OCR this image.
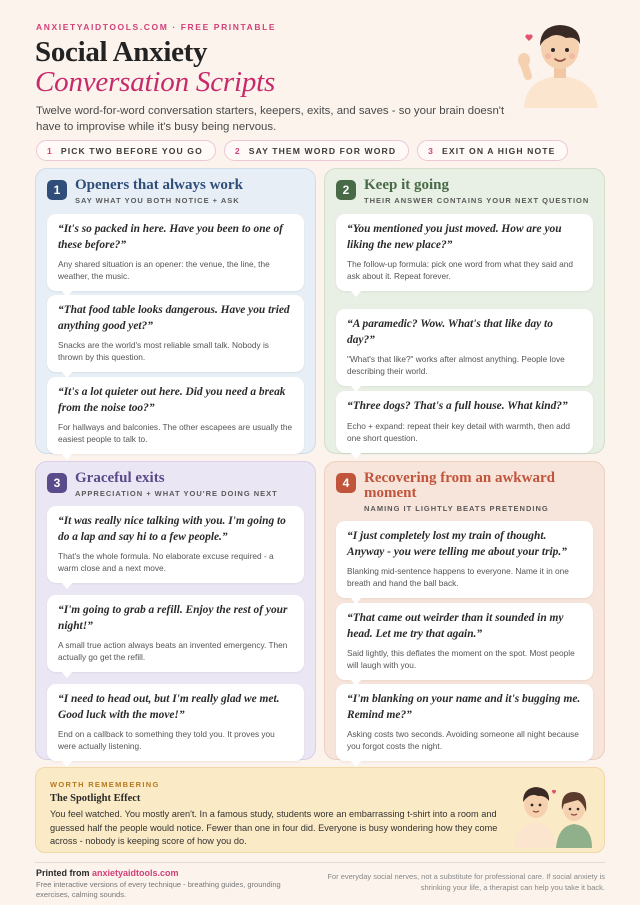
ANXIETYAIDTOOLS.COM · FREE PRINTABLE
Social Anxiety
Conversation Scripts
Twelve word-for-word conversation starters, keepers, exits, and saves - so your brain doesn't have to improvise while it's busy being nervous.
1 PICK TWO BEFORE YOU GO	2 SAY THEM WORD FOR WORD	3 EXIT ON A HIGH NOTE
1 Openers that always work
SAY WHAT YOU BOTH NOTICE + ASK
“It's so packed in here. Have you been to one of these before?”
Any shared situation is an opener: the venue, the line, the weather, the music.
“That food table looks dangerous. Have you tried anything good yet?”
Snacks are the world's most reliable small talk. Nobody is thrown by this question.
“It's a lot quieter out here. Did you need a break from the noise too?”
For hallways and balconies. The other escapees are usually the easiest people to talk to.
2 Keep it going
THEIR ANSWER CONTAINS YOUR NEXT QUESTION
“You mentioned you just moved. How are you liking the new place?”
The follow-up formula: pick one word from what they said and ask about it. Repeat forever.
“A paramedic? Wow. What's that like day to day?”
"What's that like?" works after almost anything. People love describing their world.
“Three dogs? That's a full house. What kind?”
Echo + expand: repeat their key detail with warmth, then add one short question.
3 Graceful exits
APPRECIATION + WHAT YOU'RE DOING NEXT
“It was really nice talking with you. I'm going to do a lap and say hi to a few people.”
That's the whole formula. No elaborate excuse required - a warm close and a next move.
“I'm going to grab a refill. Enjoy the rest of your night!”
A small true action always beats an invented emergency. Then actually go get the refill.
“I need to head out, but I'm really glad we met. Good luck with the move!”
End on a callback to something they told you. It proves you were actually listening.
4 Recovering from an awkward moment
NAMING IT LIGHTLY BEATS PRETENDING
“I just completely lost my train of thought. Anyway - you were telling me about your trip.”
Blanking mid-sentence happens to everyone. Name it in one breath and hand the ball back.
“That came out weirder than it sounded in my head. Let me try that again.”
Said lightly, this deflates the moment on the spot. Most people will laugh with you.
“I'm blanking on your name and it's bugging me. Remind me?”
Asking costs two seconds. Avoiding someone all night because you forgot costs the night.
WORTH REMEMBERING
The Spotlight Effect
You feel watched. You mostly aren't. In a famous study, students wore an embarrassing t-shirt into a room and guessed half the people would notice. Fewer than one in four did. Everyone is busy wondering how they come across - nobody is keeping score of how you do.
Printed from anxietyaidtools.com
Free interactive versions of every technique - breathing guides, grounding exercises, calming sounds.
For everyday social nerves, not a substitute for professional care. If social anxiety is shrinking your life, a therapist can help you take it back.
